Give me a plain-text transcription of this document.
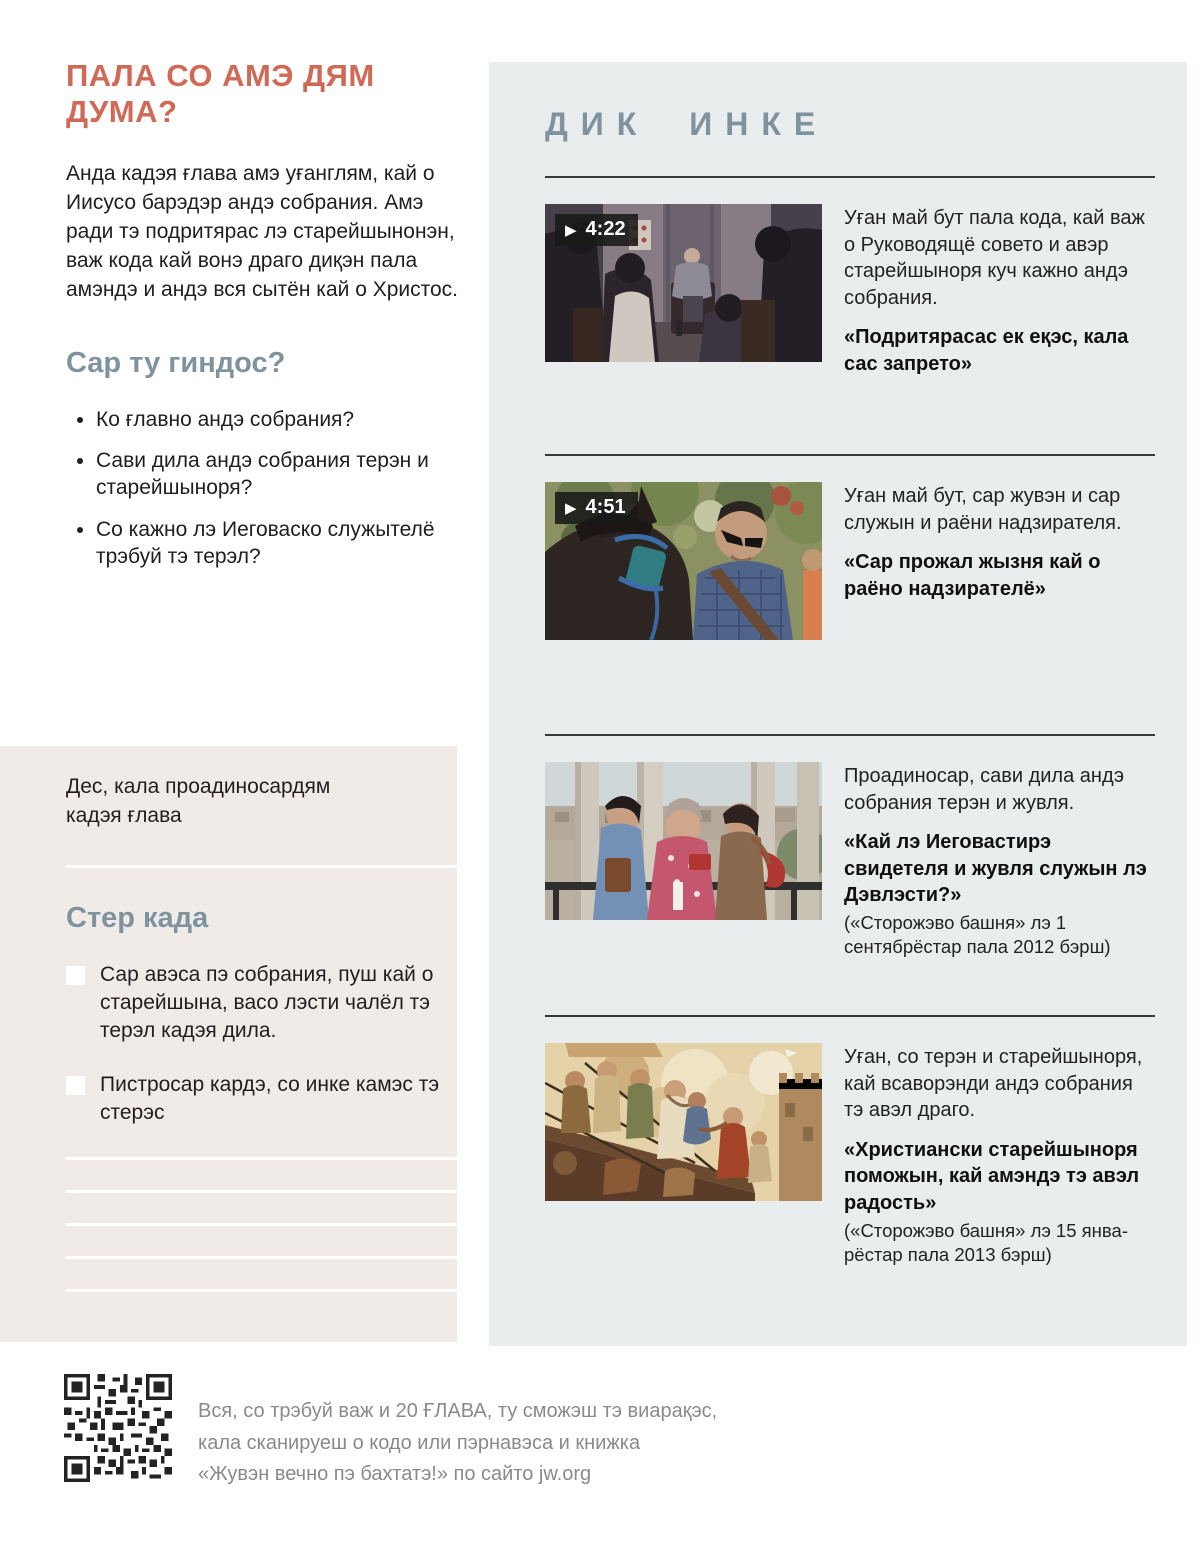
ПАЛА СО АМЭ ДЯМ ДУМА?

Анда кадэя ғлава амэ уғанглям, кай о Иисусо барэдэр андэ собрания. Амэ ради тэ подритярас лэ старейшынонэн, важ кода кай вонэ драго диқэн пала амэндэ и андэ вся сытён кай о Христос.

Сар ту гиндос?
• Ко ғлавно андэ собрания?
• Сави дила андэ собрания терэн и старейшыноря?
• Со кажно лэ Иеговаско служытелё трэбуй тэ терэл?

Дес, кала проадиносардям кадэя ғлава

Стер када

Сар авэса пэ собрания, пуш кай о старейшына, васо лэсти чалёл тэ терэл кадэя дила.

Пистросар кардэ, со инке камэс тэ стерэс

ДИК ИНКЕ
▶ 4:22	Уған май бут пала кода, кай важ о Руководящё совето и авэр старейшыноря куч кажно андэ собрания.

«Подритярасас ек еқэс, кала сас запрето»

▶ 4:51	Уған май бут, сар жувэн и сар служын и раёни надзирателя.

«Сар прожал жызня кай о раёно надзирателё»

Проадиносар, сави дила андэ собрания терэн и жувля.

«Кай лэ Иеговастирэ свидетеля и жувля служын лэ Дэвлэсти?»

(«Сторожэво башня» лэ 1 сентябрёстар пала 2012 бэрш)

Уған, со терэн и старейшыноря, кай всаворэнди андэ собрания тэ авэл драго.

«Христиански старейшыноря поможын, кай амэндэ тэ авэл радость»

(«Сторожэво башня» лэ 15 январёстар пала 2013 бэрш)

Вся, со трэбуй важ и 20 ҒЛАВА, ту сможэш тэ виарақэс,

кала сканируеш о кодо или пэрнавэса и книжка

«Жувэн вечно пэ бахтатэ!» по сайто jw.org
